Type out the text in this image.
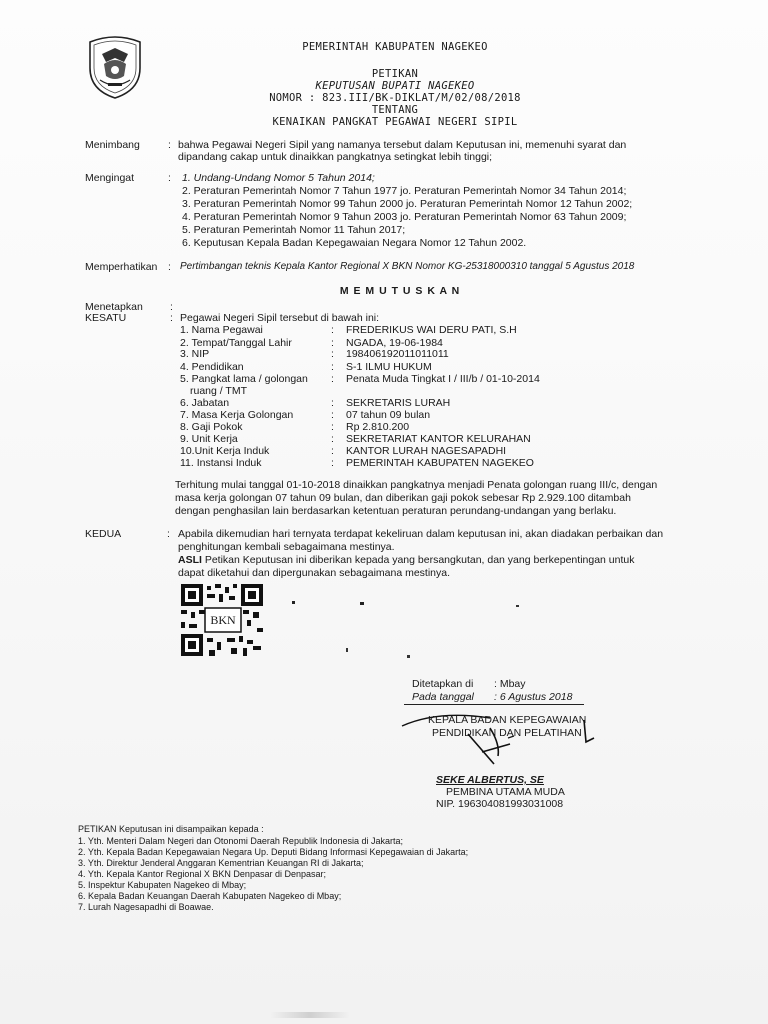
PEMERINTAH KABUPATEN NAGEKEO
PETIKAN
KEPUTUSAN BUPATI NAGEKEO
NOMOR : 823.III/BK-DIKLAT/M/02/08/2018
TENTANG
KENAIKAN PANGKAT PEGAWAI NEGERI SIPIL
Menimbang	: bahwa Pegawai Negeri Sipil yang namanya tersebut dalam Keputusan ini, memenuhi syarat dan
dipandang cakap untuk dinaikkan pangkatnya setingkat lebih tinggi;
Mengingat	: 1. Undang-Undang Nomor 5 Tahun 2014;
2. Peraturan Pemerintah Nomor 7 Tahun 1977 jo. Peraturan Pemerintah Nomor 34 Tahun 2014;
3. Peraturan Pemerintah Nomor 99 Tahun 2000 jo. Peraturan Pemerintah Nomor 12 Tahun 2002;
4. Peraturan Pemerintah Nomor 9 Tahun 2003 jo. Peraturan Pemerintah Nomor 63 Tahun 2009;
5. Peraturan Pemerintah Nomor 11 Tahun 2017;
6. Keputusan Kepala Badan Kepegawaian Negara Nomor 12 Tahun 2002.
Memperhatikan : Pertimbangan teknis Kepala Kantor Regional X BKN Nomor KG-25318000310 tanggal 5 Agustus 2018
M E M U T U S K A N
Menetapkan	:
KESATU	: Pegawai Negeri Sipil tersebut di bawah ini:
1. Nama Pegawai	: FREDERIKUS WAI DERU PATI, S.H
2. Tempat/Tanggal Lahir	: NGADA, 19-06-1984
3. NIP	: 198406192011011011
4. Pendidikan	: S-1 ILMU HUKUM
5. Pangkat lama / golongan : Penata Muda Tingkat I / III/b / 01-10-2014
ruang / TMT
6. Jabatan	: SEKRETARIS LURAH
7. Masa Kerja Golongan	: 07 tahun 09 bulan
8. Gaji Pokok	: Rp 2.810.200
9. Unit Kerja	: SEKRETARIAT KANTOR KELURAHAN
10.Unit Kerja Induk	: KANTOR LURAH NAGESAPADHI
11. Instansi Induk	: PEMERINTAH KABUPATEN NAGEKEO
Terhitung mulai tanggal 01-10-2018 dinaikkan pangkatnya menjadi Penata golongan ruang III/c, dengan
masa kerja golongan 07 tahun 09 bulan, dan diberikan gaji pokok sebesar Rp 2.929.100 ditambah
dengan penghasilan lain berdasarkan ketentuan peraturan perundang-undangan yang berlaku.
KEDUA	: Apabila dikemudian hari ternyata terdapat kekeliruan dalam keputusan ini, akan diadakan perbaikan dan
penghitungan kembali sebagaimana mestinya.
ASLI Petikan Keputusan ini diberikan kepada yang bersangkutan, dan yang berkepentingan untuk
dapat diketahui dan dipergunakan sebagaimana mestinya.
BKN
Ditetapkan di : Mbay
Pada tanggal : 6 Agustus 2018
KEPALA BADAN KEPEGAWAIAN
PENDIDIKAN DAN PELATIHAN
SEKE ALBERTUS, SE
PEMBINA UTAMA MUDA
NIP. 196304081993031008
PETIKAN Keputusan ini disampaikan kepada :
1. Yth. Menteri Dalam Negeri dan Otonomi Daerah Republik Indonesia di Jakarta;
2. Yth. Kepala Badan Kepegawaian Negara Up. Deputi Bidang Informasi Kepegawaian di Jakarta;
3. Yth. Direktur Jenderal Anggaran Kementrian Keuangan RI di Jakarta;
4. Yth. Kepala Kantor Regional X BKN Denpasar di Denpasar;
5. Inspektur Kabupaten Nagekeo di Mbay;
6. Kepala Badan Keuangan Daerah Kabupaten Nagekeo di Mbay;
7. Lurah Nagesapadhi di Boawae.
